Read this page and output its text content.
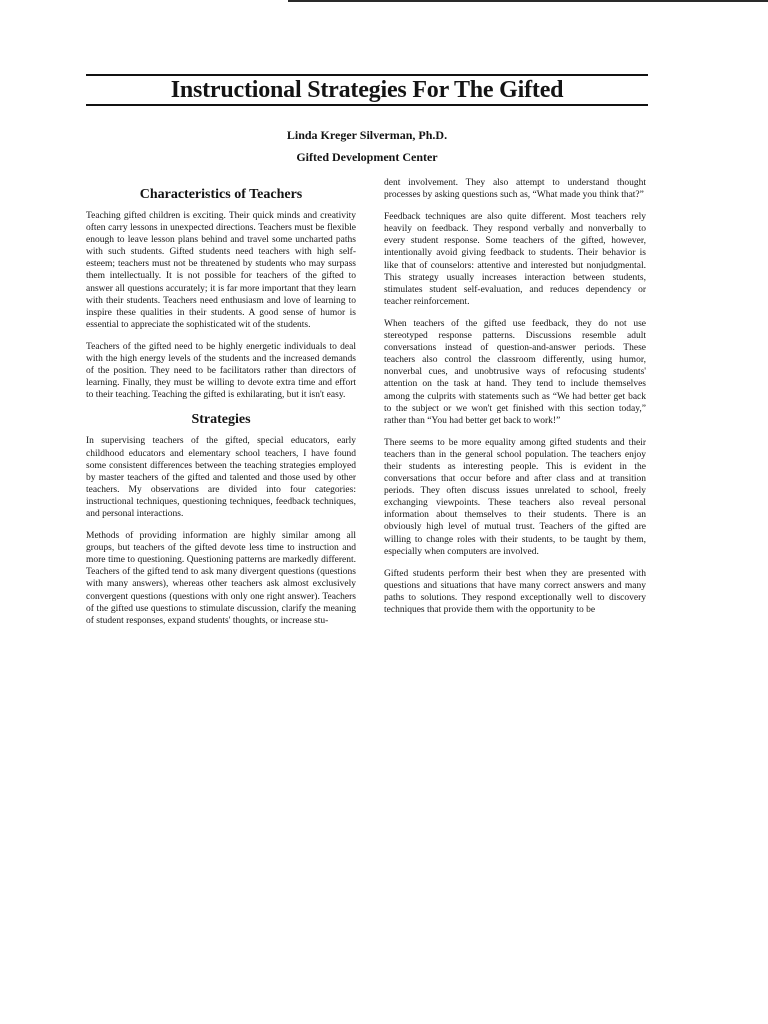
Instructional Strategies For The Gifted
Linda Kreger Silverman, Ph.D.
Gifted Development Center
Characteristics of Teachers

Teaching gifted children is exciting. Their quick minds and creativity often carry lessons in unexpected directions. Teachers must be flexible enough to leave lesson plans behind and travel some uncharted paths with such students. Gifted students need teachers with high self-esteem; teachers must not be threatened by students who may surpass them intellectually. It is not possible for teachers of the gifted to answer all questions accurately; it is far more important that they learn with their students. Teachers need enthusiasm and love of learning to inspire these qualities in their students. A good sense of humor is essential to appreciate the sophisticated wit of the students.

Teachers of the gifted need to be highly energetic individuals to deal with the high energy levels of the students and the increased demands of the position. They need to be facilitators rather than directors of learning. Finally, they must be willing to devote extra time and effort to their teaching. Teaching the gifted is exhilarating, but it isn't easy.

Strategies

In supervising teachers of the gifted, special educators, early childhood educators and elementary school teachers, I have found some consistent differences between the teaching strategies employed by master teachers of the gifted and talented and those used by other teachers. My observations are divided into four categories: instructional techniques, questioning techniques, feedback techniques, and personal interactions.

Methods of providing information are highly similar among all groups, but teachers of the gifted devote less time to instruction and more time to questioning. Questioning patterns are markedly different. Teachers of the gifted tend to ask many divergent questions (questions with many answers), whereas other teachers ask almost exclusively convergent questions (questions with only one right answer). Teachers of the gifted use questions to stimulate discussion, clarify the meaning of student responses, expand students' thoughts, or increase stu-

dent involvement. They also attempt to understand thought processes by asking questions such as, “What made you think that?”

Feedback techniques are also quite different. Most teachers rely heavily on feedback. They respond verbally and nonverbally to every student response. Some teachers of the gifted, however, intentionally avoid giving feedback to students. Their behavior is like that of counselors: attentive and interested but nonjudgmental. This strategy usually increases interaction between students, stimulates student self-evaluation, and reduces dependency or teacher reinforcement.

When teachers of the gifted use feedback, they do not use stereotyped response patterns. Discussions resemble adult conversations instead of question-and-answer periods. These teachers also control the classroom differently, using humor, nonverbal cues, and unobtrusive ways of refocusing students' attention on the task at hand. They tend to include themselves among the culprits with statements such as “We had better get back to the subject or we won't get finished with this section today,” rather than “You had better get back to work!”

There seems to be more equality among gifted students and their teachers than in the general school population. The teachers enjoy their students as interesting people. This is evident in the conversations that occur before and after class and at transition periods. They often discuss issues unrelated to school, freely exchanging viewpoints. These teachers also reveal personal information about themselves to their students. There is an obviously high level of mutual trust. Teachers of the gifted are willing to change roles with their students, to be taught by them, especially when computers are involved.

Gifted students perform their best when they are presented with questions and situations that have many correct answers and many paths to solutions. They respond exceptionally well to discovery techniques that provide them with the opportunity to be
